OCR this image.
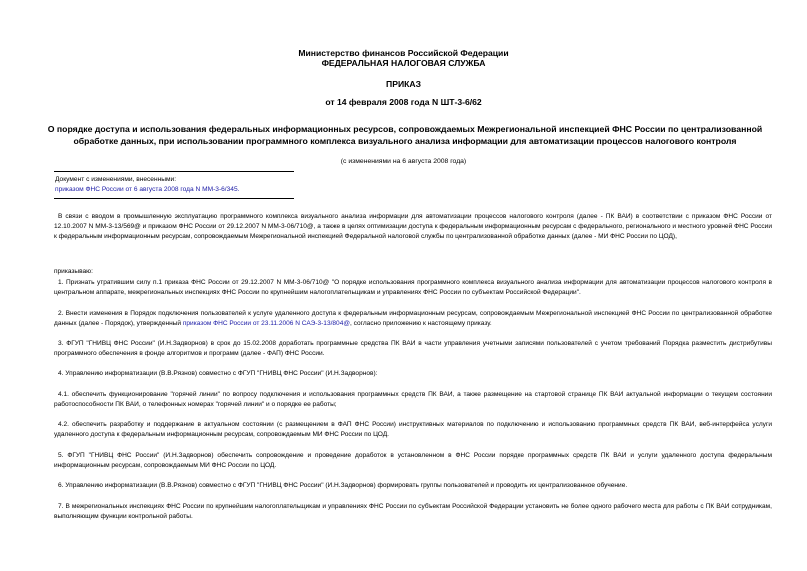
Министерство финансов Российской Федерации
ФЕДЕРАЛЬНАЯ НАЛОГОВАЯ СЛУЖБА
ПРИКАЗ
от 14 февраля 2008 года N ШТ-3-6/62
О порядке доступа и использования федеральных информационных ресурсов, сопровождаемых Межрегиональной инспекцией ФНС России по централизованной обработке данных, при использовании программного комплекса визуального анализа информации для автоматизации процессов налогового контроля
(с изменениями на 6 августа 2008 года)
Документ с изменениями, внесенными:
приказом ФНС России от 6 августа 2008 года N ММ-3-6/345.
В связи с вводом в промышленную эксплуатацию программного комплекса визуального анализа информации для автоматизации процессов налогового контроля (далее - ПК ВАИ) в соответствии с приказом ФНС России от 12.10.2007 N ММ-3-13/569@ и приказом ФНС России от 29.12.2007 N ММ-3-06/710@, а также в целях оптимизации доступа к федеральным информационным ресурсам с федерального, регионального и местного уровней ФНС России к федеральным информационным ресурсам, сопровождаемым Межрегиональной инспекцией Федеральной налоговой службы по централизованной обработке данных (далее - МИ ФНС России по ЦОД),
приказываю:
1. Признать утратившим силу п.1 приказа ФНС России от 29.12.2007 N ММ-3-06/710@ "О порядке использования программного комплекса визуального анализа информации для автоматизации процессов налогового контроля в центральном аппарате, межрегиональных инспекциях ФНС России по крупнейшим налогоплательщикам и управлениях ФНС России по субъектам Российской Федерации".
2. Внести изменения в Порядок подключения пользователей к услуге удаленного доступа к федеральным информационным ресурсам, сопровождаемым Межрегиональной инспекцией ФНС России по централизованной обработке данных (далее - Порядок), утвержденный приказом ФНС России от 23.11.2006 N САЭ-3-13/804@, согласно приложению к настоящему приказу.
3. ФГУП "ГНИВЦ ФНС России" (И.Н.Задворнов) в срок до 15.02.2008 доработать программные средства ПК ВАИ в части управления учетными записями пользователей с учетом требований Порядка разместить дистрибутивы программного обеспечения в фонде алгоритмов и программ (далее - ФАП) ФНС России.
4. Управлению информатизации (В.В.Рязнов) совместно с ФГУП "ГНИВЦ ФНС России" (И.Н.Задворнов):
4.1. обеспечить функционирование "горячей линии" по вопросу подключения и использования программных средств ПК ВАИ, а также размещение на стартовой странице ПК ВАИ актуальной информации о текущем состоянии работоспособности ПК ВАИ, о телефонных номерах "горячей линии" и о порядке ее работы;
4.2. обеспечить разработку и поддержание в актуальном состоянии (с размещением в ФАП ФНС России) инструктивных материалов по подключению и использованию программных средств ПК ВАИ, веб-интерфейса услуги удаленного доступа к федеральным информационным ресурсам, сопровождаемым МИ ФНС России по ЦОД.
5. ФГУП "ГНИВЦ ФНС России" (И.Н.Задворнов) обеспечить сопровождение и проведение доработок в установленном в ФНС России порядке программных средств ПК ВАИ и услуги удаленного доступа федеральным информационным ресурсам, сопровождаемым МИ ФНС России по ЦОД.
6. Управлению информатизации (В.В.Рязнов) совместно с ФГУП "ГНИВЦ ФНС России" (И.Н.Задворнов) формировать группы пользователей и проводить их централизованное обучение.
7. В межрегиональных инспекциях ФНС России по крупнейшим налогоплательщикам и управлениях ФНС России по субъектам Российской Федерации установить не более одного рабочего места для работы с ПК ВАИ сотрудникам, выполняющим функции контрольной работы.
